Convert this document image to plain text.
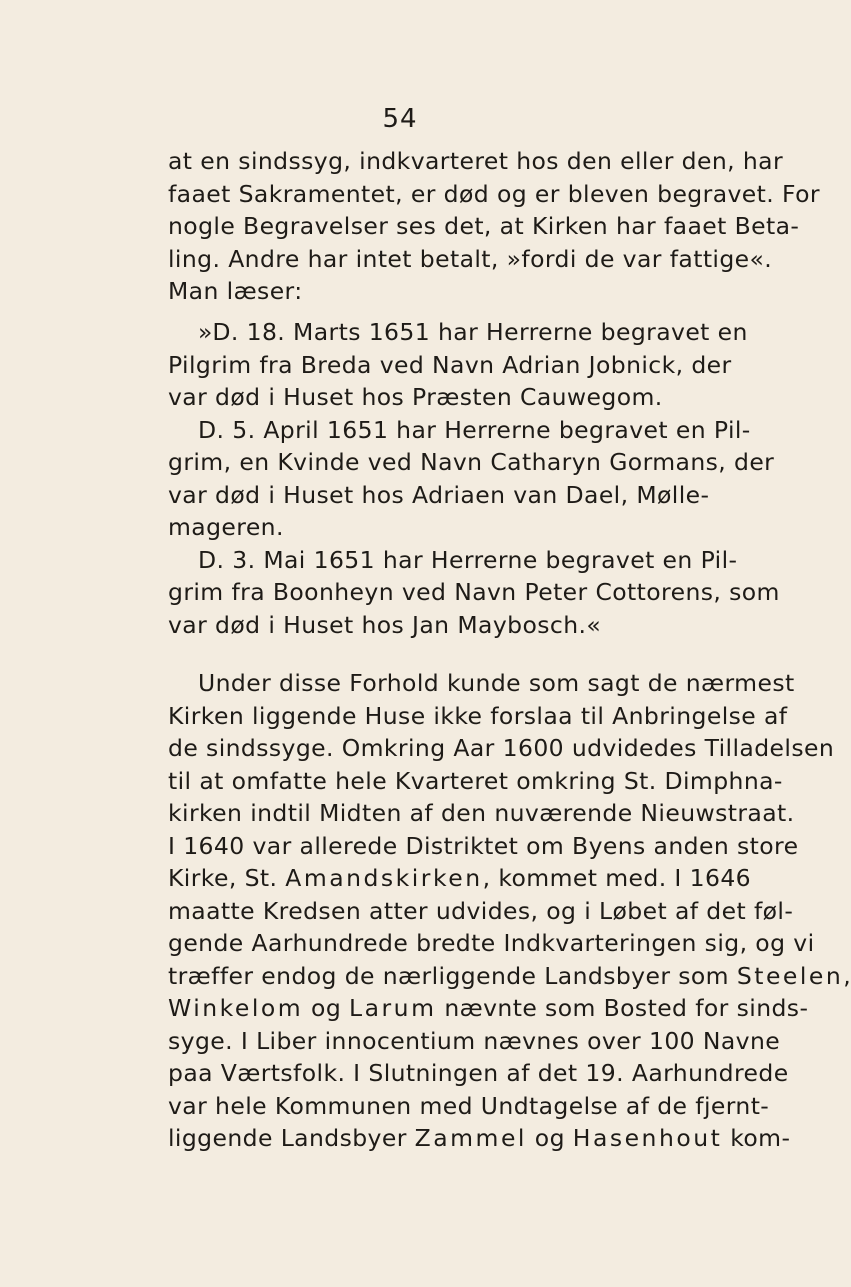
54
at en sindssyg, indkvarteret hos den eller den, har
faaet Sakramentet, er død og er bleven begravet. For
nogle Begravelser ses det, at Kirken har faaet Beta-
ling. Andre har intet betalt, »fordi de var fattige«.
Man læser:
»D. 18. Marts 1651 har Herrerne begravet en
Pilgrim fra Breda ved Navn Adrian Jobnick, der
var død i Huset hos Præsten Cauwegom.
D. 5. April 1651 har Herrerne begravet en Pil-
grim, en Kvinde ved Navn Catharyn Gormans, der
var død i Huset hos Adriaen van Dael, Mølle-
mageren.
D. 3. Mai 1651 har Herrerne begravet en Pil-
grim fra Boonheyn ved Navn Peter Cottorens, som
var død i Huset hos Jan Maybosch.«
Under disse Forhold kunde som sagt de nærmest
Kirken liggende Huse ikke forslaa til Anbringelse af
de sindssyge. Omkring Aar 1600 udvidedes Tilladelsen
til at omfatte hele Kvarteret omkring St. Dimphna-
kirken indtil Midten af den nuværende Nieuwstraat.
I 1640 var allerede Distriktet om Byens anden store
Kirke, St. Amandskirken, kommet med. I 1646
maatte Kredsen atter udvides, og i Løbet af det føl-
gende Aarhundrede bredte Indkvarteringen sig, og vi
træffer endog de nærliggende Landsbyer som Steelen,
Winkelom og Larum nævnte som Bosted for sinds-
syge. I Liber innocentium nævnes over 100 Navne
paa Værtsfolk. I Slutningen af det 19. Aarhundrede
var hele Kommunen med Undtagelse af de fjernt-
liggende Landsbyer Zammel og Hasenhout kom-
